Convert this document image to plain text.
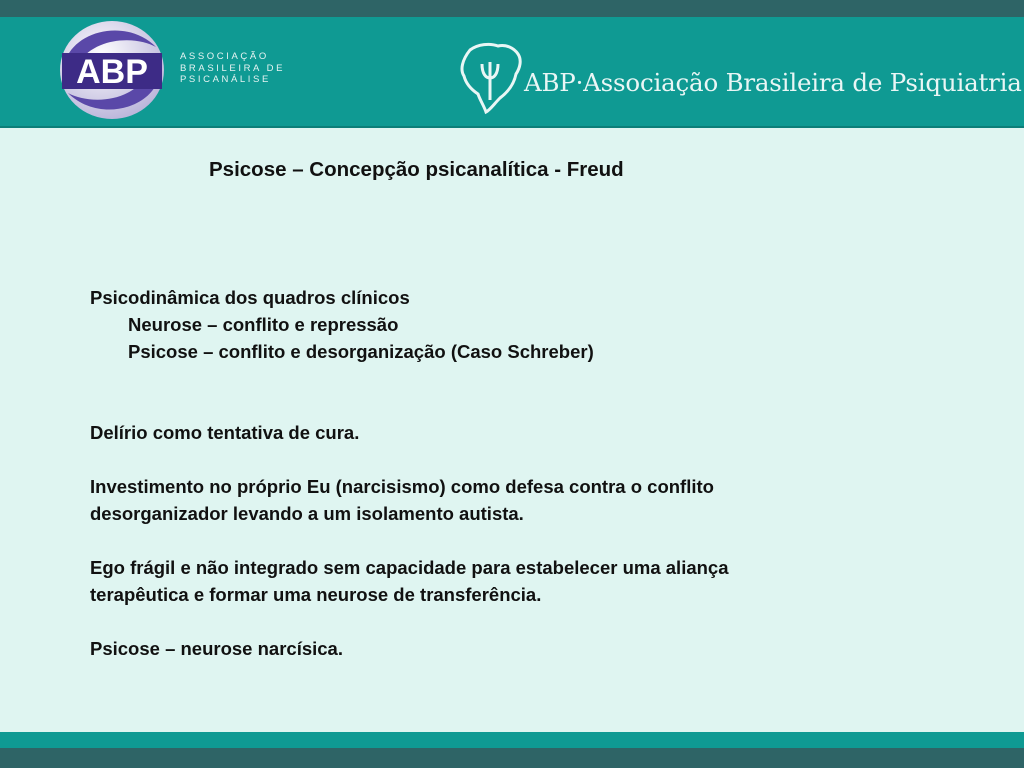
ABP	ASSOCIAÇÃO
BRASILEIRA DE
PSICANÁLISE	ABP·Associação Brasileira de Psiquiatria
Psicose – Concepção psicanalítica - Freud

Psicodinâmica dos quadros clínicos

Neurose – conflito e repressão

Psicose – conflito e desorganização (Caso Schreber)

Delírio como tentativa de cura.

Investimento no próprio Eu (narcisismo) como defesa contra o conflito

desorganizador levando a um isolamento autista.

Ego frágil e não integrado sem capacidade para estabelecer uma aliança

terapêutica e formar uma neurose de transferência.

Psicose – neurose narcísica.
